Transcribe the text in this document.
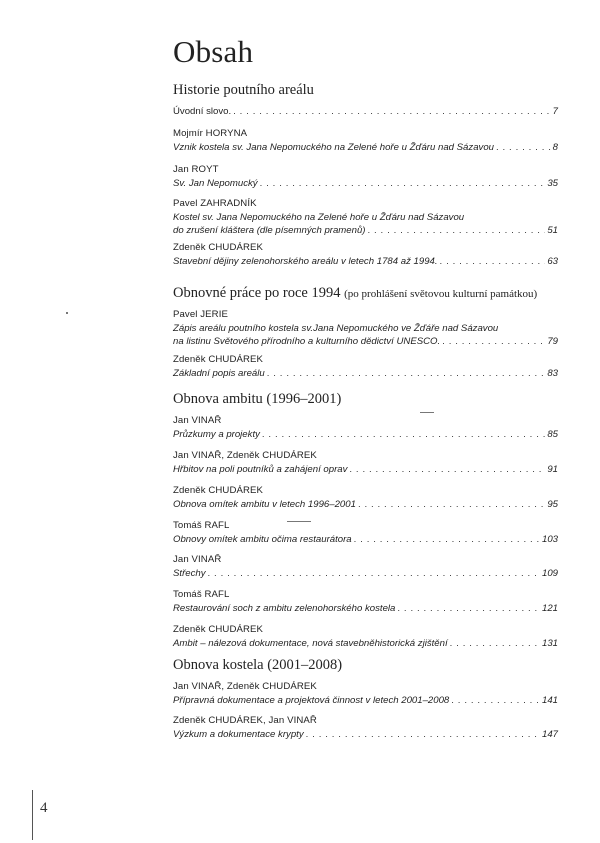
Obsah
Historie poutního areálu
Úvodní slovo. . . .	7
Mojmír HORYNA
Vznik kostela sv. Jana Nepomuckého na Zelené hoře u Žďáru nad Sázavou . . .	8
Jan ROYT
Sv. Jan Nepomucký . . .	35
Pavel ZAHRADNÍK
Kostel sv. Jana Nepomuckého na Zelené hoře u Žďáru nad Sázavou
do zrušení kláštera (dle písemných pramenů) . . .	51
Zdeněk CHUDÁREK
Stavební dějiny zelenohorského areálu v letech 1784 až 1994. . . .	63
Obnovné práce po roce 1994 (po prohlášení světovou kulturní památkou)
Pavel JERIE
Zápis areálu poutního kostela sv.Jana Nepomuckého ve Žďáře nad Sázavou
na listinu Světového přírodního a kulturního dědictví UNESCO. . . .	79
Zdeněk CHUDÁREK
Základní popis areálu . . .	83
Obnova ambitu (1996–2001)
Jan VINAŘ
Průzkumy a projekty . . .	85
Jan VINAŘ, Zdeněk CHUDÁREK
Hřbitov na poli poutníků a zahájení oprav . . .	91
Zdeněk CHUDÁREK
Obnova omítek ambitu v letech 1996–2001 . . .	95
Tomáš RAFL
Obnovy omítek ambitu očima restaurátora . . .	103
Jan VINAŘ
Střechy . . .	109
Tomáš RAFL
Restaurování soch z ambitu zelenohorského kostela . . .	121
Zdeněk CHUDÁREK
Ambit – nálezová dokumentace, nová stavebněhistorická zjištění . . .	131
Obnova kostela (2001–2008)
Jan VINAŘ, Zdeněk CHUDÁREK
Přípravná dokumentace a projektová činnost v letech 2001–2008 . . .	141
Zdeněk CHUDÁREK, Jan VINAŘ
Výzkum a dokumentace krypty . . .	147
4
